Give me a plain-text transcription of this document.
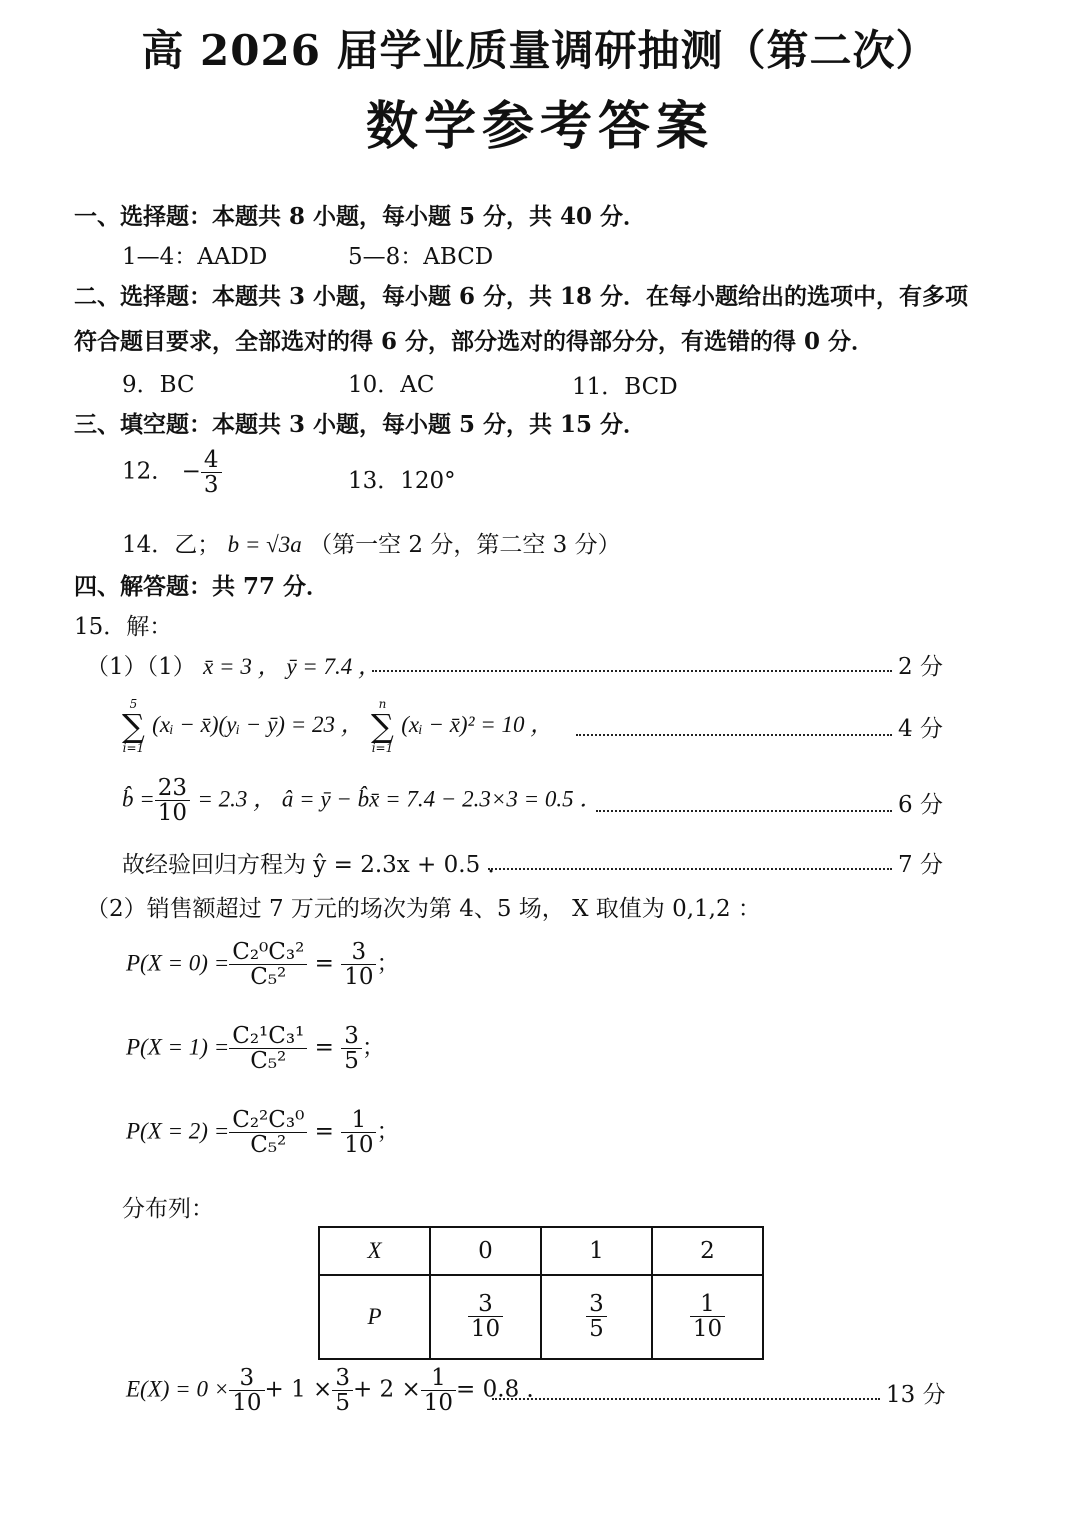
高 2026 届学业质量调研抽测（第二次）
数学参考答案
一、选择题：本题共 8 小题，每小题 5 分，共 40 分．
1—4：AADD	5—8：ABCD
二、选择题：本题共 3 小题，每小题 6 分，共 18 分．在每小题给出的选项中，有多项
符合题目要求，全部选对的得 6 分，部分选对的得部分分，有选错的得 0 分．
9．BC	10．AC	11．BCD
三、填空题：本题共 3 小题，每小题 5 分，共 15 分．
12． − $\frac{4}{3}$	13．120°
14．乙； b = √3a （第一空 2 分，第二空 3 分）
四、解答题：共 77 分．
15．解：
（1）（1） x̄ = 3 ， ȳ = 7.4 ，	2 分
5
∑
i=1
(xᵢ − x̄)(yᵢ − ȳ) = 23 ，
n
∑
i=1
(xᵢ − x̄)² = 10 ，	4 分
b̂ = $\frac{23}{10} = 2.3$ ， â = ȳ − b̂x̄ = 7.4 − 2.3×3 = 0.5 ．	6 分
故经验回归方程为 ŷ = 2.3x + 0.5 ．	7 分
（2）销售额超过 7 万元的场次为第 4、5 场， X 取值为 0,1,2 ：
$P(X = 0) = \frac{\text{C₂⁰C₃²}}{\text{C₅²}} = \frac{3}{10}$ ；
$P(X = 1) = \frac{\text{C₂¹C₃¹}}{\text{C₅²}} = \frac{3}{5}$ ；
$P(X = 2) = \frac{\text{C₂²C₃⁰}}{\text{C₅²}} = \frac{1}{10}$ ；
分布列：
X	0	1	2
P	$\frac{3}{10}$	$\frac{3}{5}$	$\frac{1}{10}$
$E(X) = 0 \times \frac{3}{10} + 1 \times \frac{3}{5} + 2 \times \frac{1}{10} = 0.8$ ．	13 分
